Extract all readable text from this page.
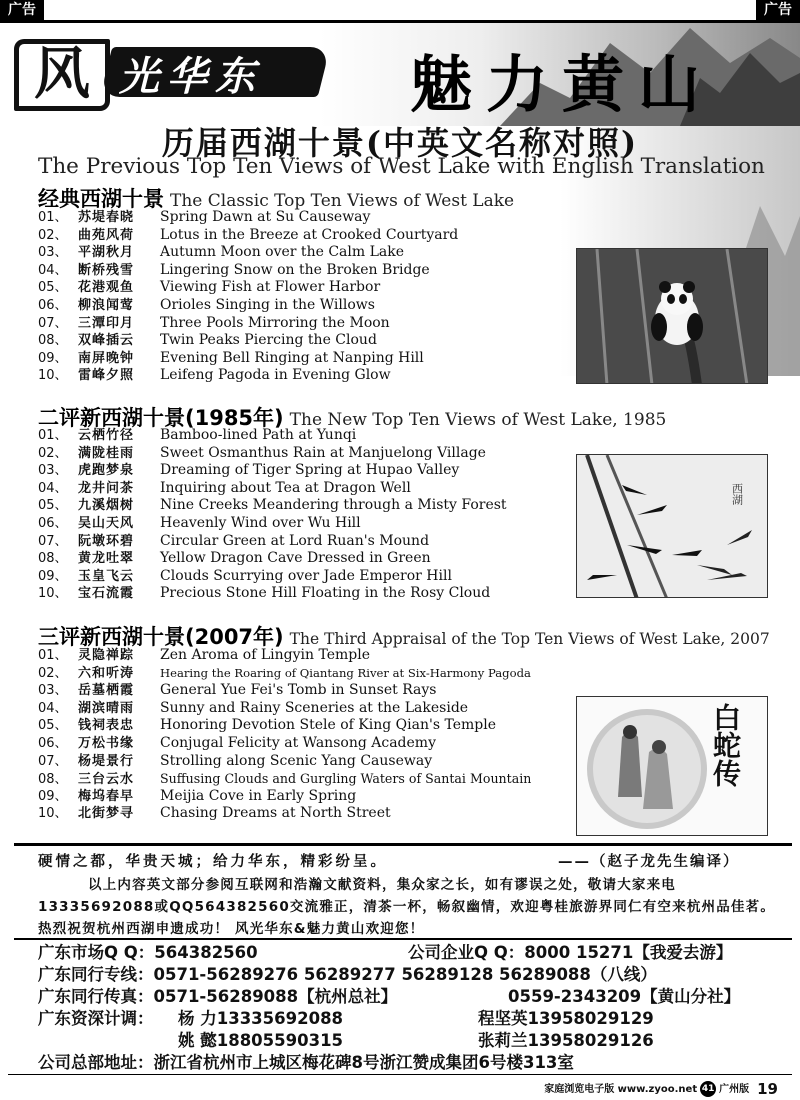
广告	广告
风 光华东	魅力黄山
历届西湖十景(中英文名称对照)
The Previous Top Ten Views of West Lake with English Translation
经典西湖十景 The Classic Top Ten Views of West Lake
01、 苏堤春晓 Spring Dawn at Su Causeway
02、 曲苑风荷 Lotus in the Breeze at Crooked Courtyard
03、 平湖秋月 Autumn Moon over the Calm Lake
04、 断桥残雪 Lingering Snow on the Broken Bridge
05、 花港观鱼 Viewing Fish at Flower Harbor
06、 柳浪闻莺 Orioles Singing in the Willows
07、 三潭印月 Three Pools Mirroring the Moon
08、 双峰插云 Twin Peaks Piercing the Cloud
09、 南屏晚钟 Evening Bell Ringing at Nanping Hill
10、 雷峰夕照 Leifeng Pagoda in Evening Glow
二评新西湖十景(1985年) The New Top Ten Views of West Lake, 1985
01、 云栖竹径 Bamboo-lined Path at Yunqi
02、 满陇桂雨 Sweet Osmanthus Rain at Manjuelong Village
03、 虎跑梦泉 Dreaming of Tiger Spring at Hupao Valley
04、 龙井问茶 Inquiring about Tea at Dragon Well
05、 九溪烟树 Nine Creeks Meandering through a Misty Forest
06、 吴山天风 Heavenly Wind over Wu Hill
07、 阮墩环碧 Circular Green at Lord Ruan's Mound
08、 黄龙吐翠 Yellow Dragon Cave Dressed in Green
09、 玉皇飞云 Clouds Scurrying over Jade Emperor Hill
10、 宝石流霞 Precious Stone Hill Floating in the Rosy Cloud
西湖
三评新西湖十景(2007年) The Third Appraisal of the Top Ten Views of West Lake, 2007
01、 灵隐禅踪 Zen Aroma of Lingyin Temple
02、 六和听涛 Hearing the Roaring of Qiantang River at Six-Harmony Pagoda
03、 岳墓栖霞 General Yue Fei's Tomb in Sunset Rays
04、 湖滨晴雨 Sunny and Rainy Sceneries at the Lakeside
05、 钱祠表忠 Honoring Devotion Stele of King Qian's Temple
06、 万松书缘 Conjugal Felicity at Wansong Academy
07、 杨堤景行 Strolling along Scenic Yang Causeway
08、 三台云水 Suffusing Clouds and Gurgling Waters of Santai Mountain
09、 梅坞春早 Meijia Cove in Early Spring
10、 北街梦寻 Chasing Dreams at North Street
白蛇传
硬情之都，华贵天城；给力华东，精彩纷呈。	——（赵子龙先生编译）
以上内容英文部分参阅互联网和浩瀚文献资料，集众家之长，如有谬误之处，敬请大家来电13335692088或QQ564382560交流雅正，清茶一杯，畅叙幽情，欢迎粤桂旅游界同仁有空来杭州品佳茗。热烈祝贺杭州西湖申遗成功！ 风光华东&魅力黄山欢迎您！
广东市场Q Q：564382560	公司企业Q Q：8000 15271【我爱去游】
广东同行专线：0571-56289276 56289277 56289128 56289088（八线）
广东同行传真：0571-56289088【杭州总社】	0559-2343209【黄山分社】
广东资深计调： 杨 力13335692088	程坚英13958029129
姚 懿18805590315	张莉兰13958029126
公司总部地址：浙江省杭州市上城区梅花碑8号浙江赞成集团6号楼313室
家庭浏览电子版 www.zyoo.net 41 广州版 19
